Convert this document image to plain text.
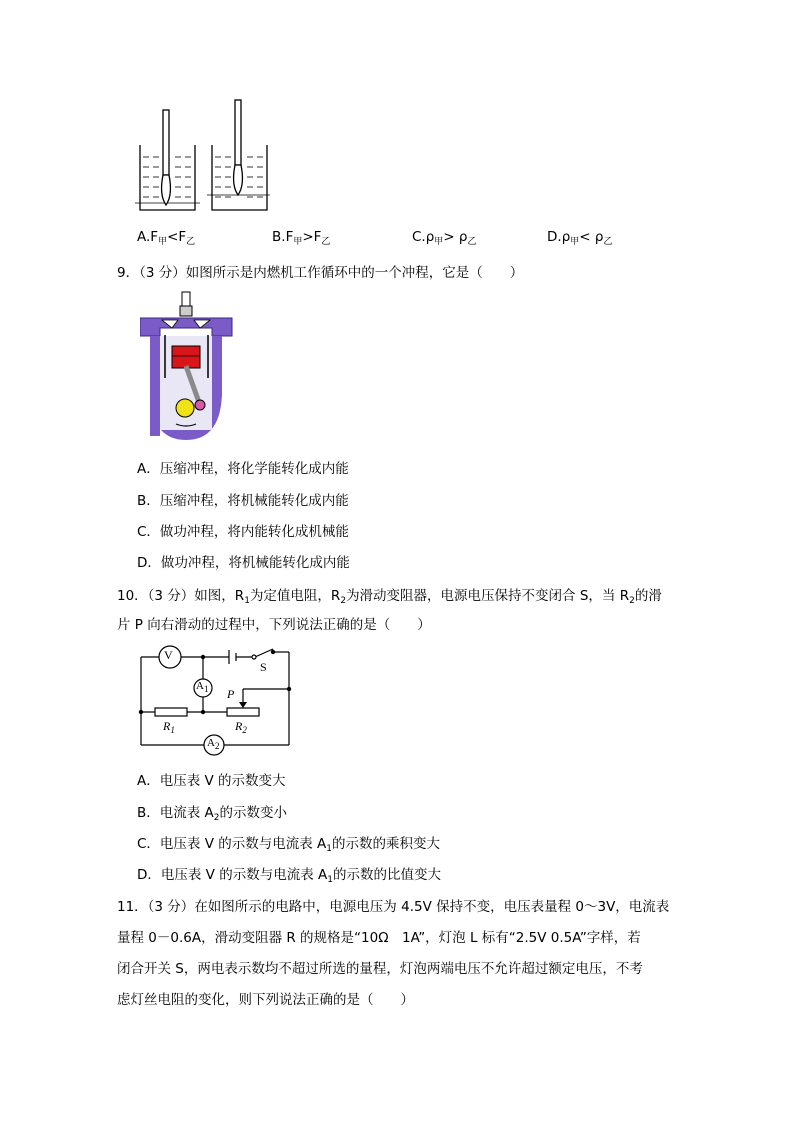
$A.F_甲<F_乙$	$B.F_甲>F_乙$	$C.\rho_甲> \rho_乙$	$D.\rho_甲< \rho_乙$
9．（3 分）如图所示是内燃机工作循环中的一个冲程，它是（　　）
A．压缩冲程，将化学能转化成内能
B．压缩冲程，将机械能转化成内能
C．做功冲程，将内能转化成机械能
D．做功冲程，将机械能转化成内能
10．（3 分）如图，$R_1$为定值电阻，$R_2$为滑动变阻器，电源电压保持不变闭合 S，当 $R_2$的滑
片 P 向右滑动的过程中，下列说法正确的是（　　）
V
S
$A_1$
$A_2$
P
$R_1$	$R_2$
A．电压表 V 的示数变大
B．电流表 $A_2$的示数变小
C．电压表 V 的示数与电流表 $A_1$的示数的乘积变大
D．电压表 V 的示数与电流表 $A_1$的示数的比值变大
11．（3 分）在如图所示的电路中，电源电压为 4.5V 保持不变，电压表量程 0～3V，电流表
量程 0－0.6A，滑动变阻器 R 的规格是“10Ω　1A”，灯泡 L 标有“2.5V 0.5A”字样，若
闭合开关 S，两电表示数均不超过所选的量程，灯泡两端电压不允许超过额定电压，不考
虑灯丝电阻的变化，则下列说法正确的是（　　）
